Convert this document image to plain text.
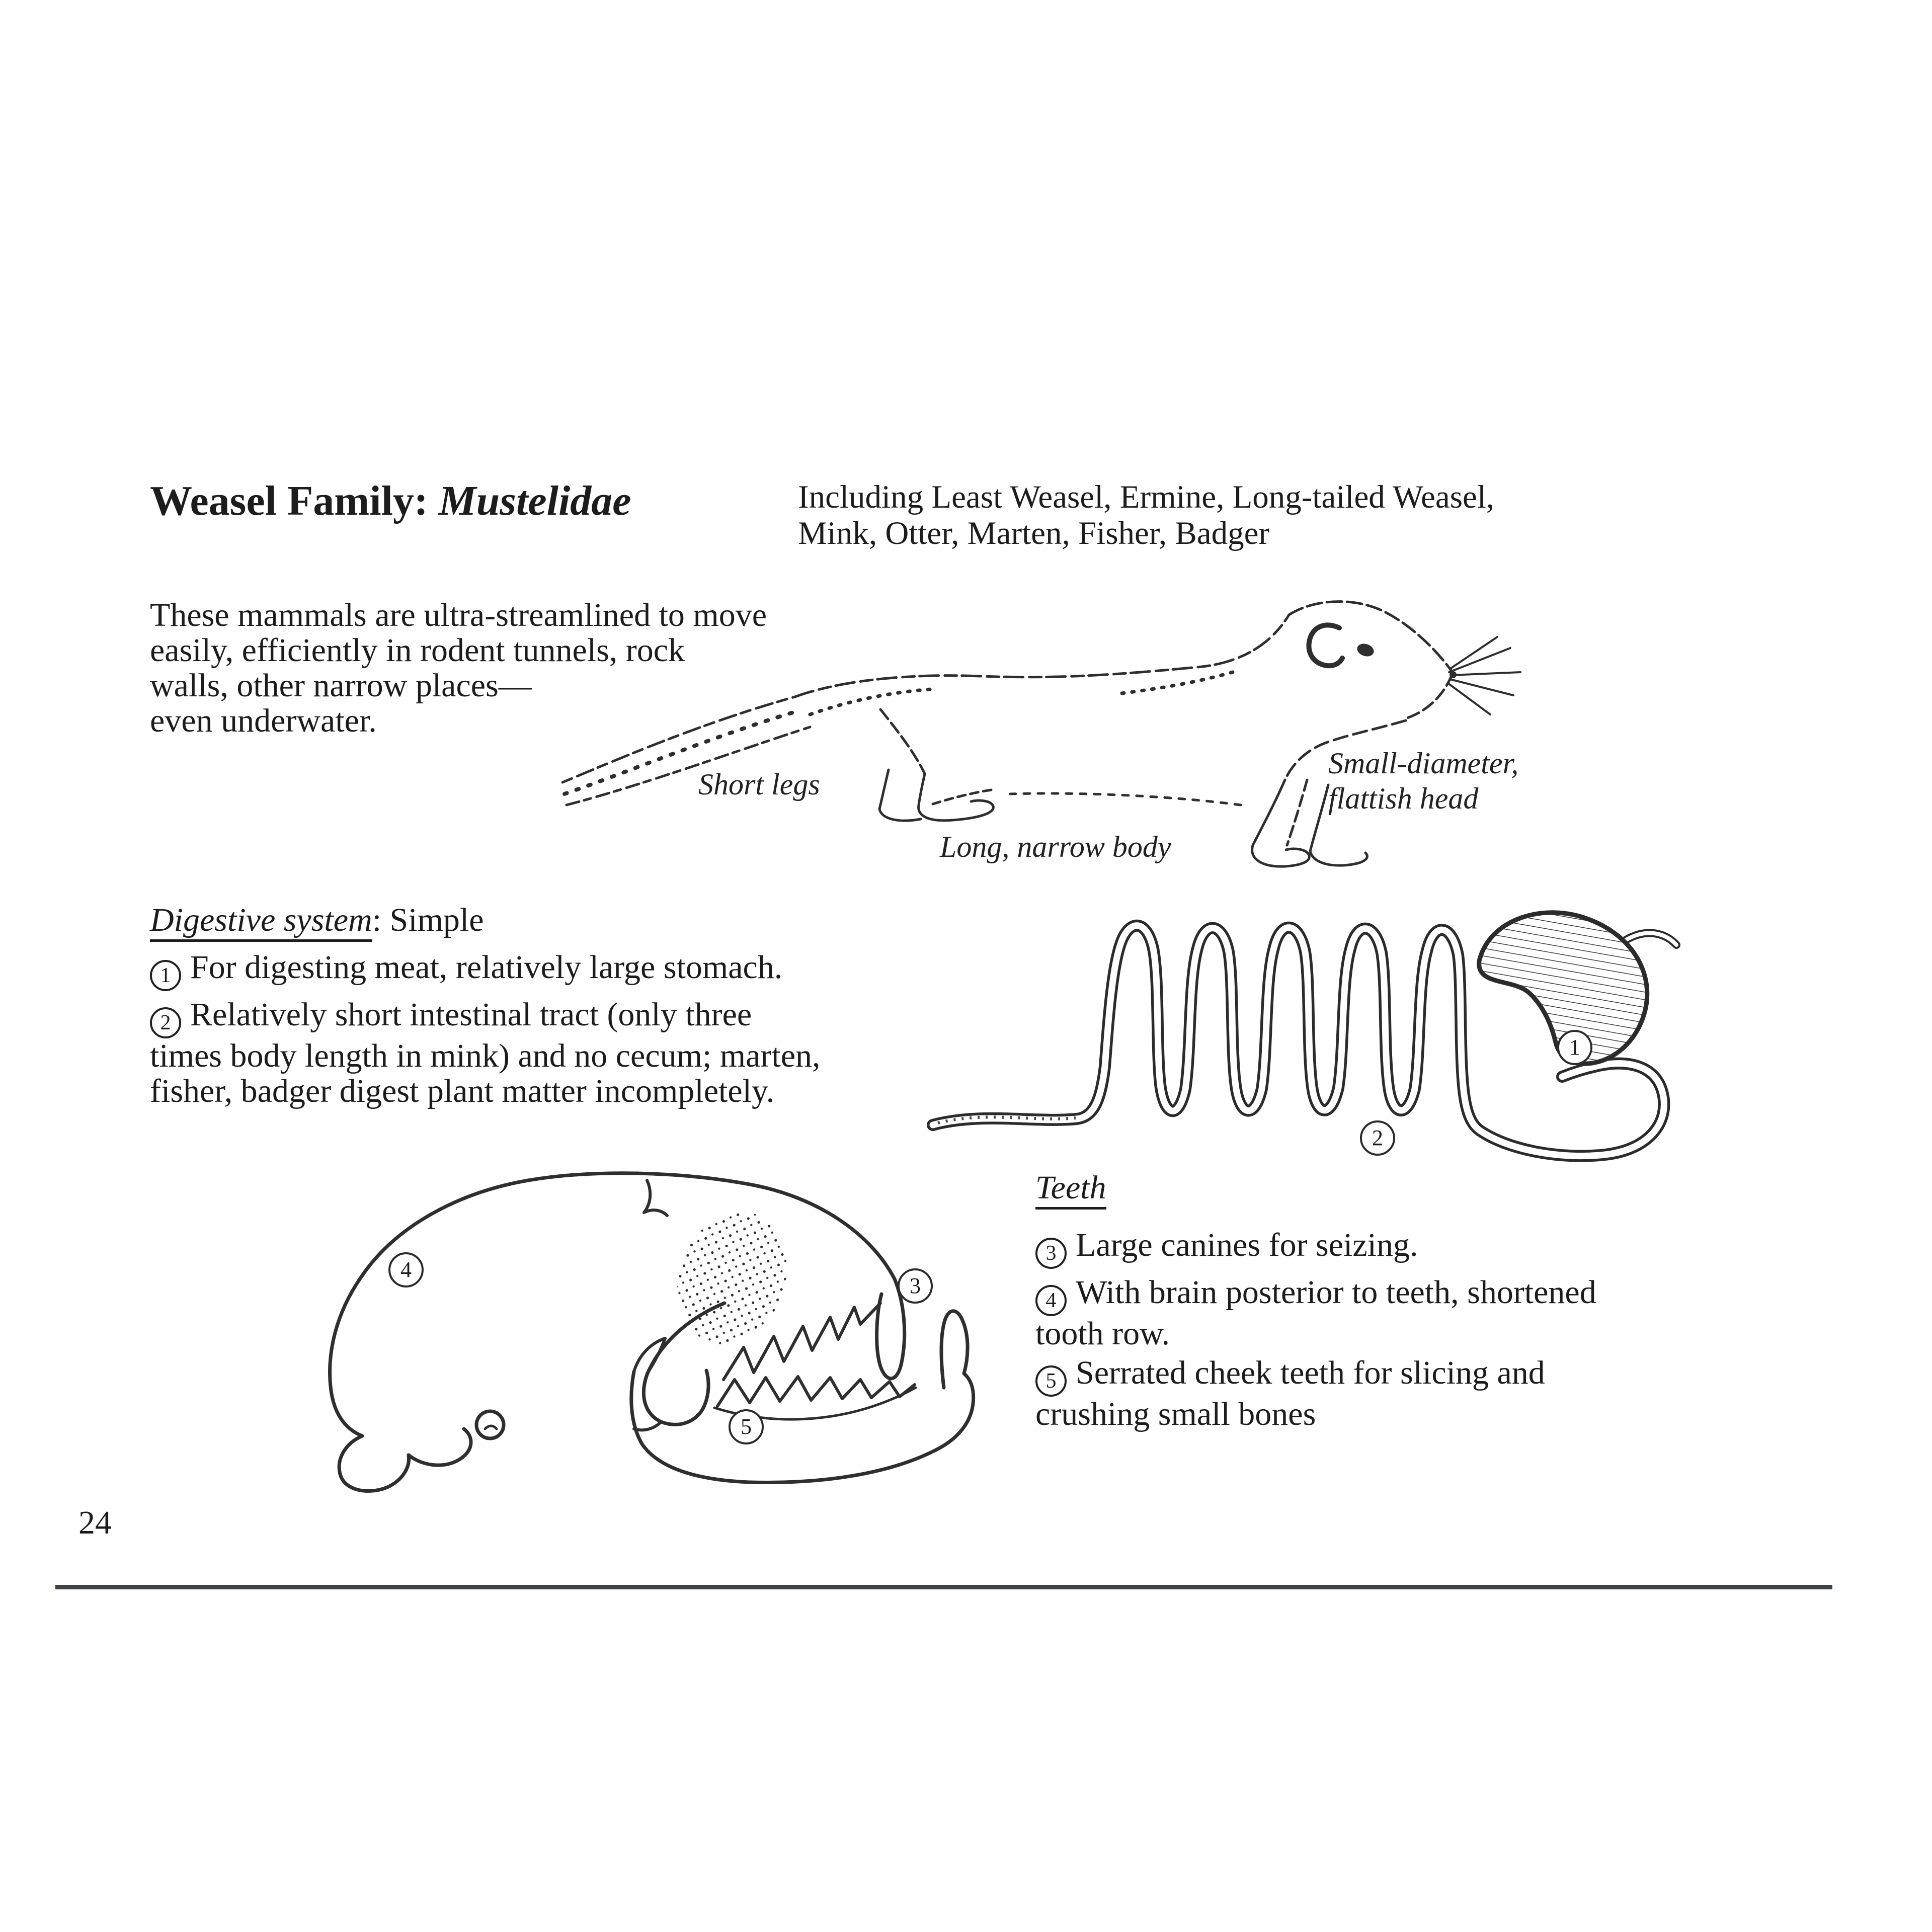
Weasel Family: Mustelidae	Including Least Weasel, Ermine, Long-tailed Weasel,
Mink, Otter, Marten, Fisher, Badger
These mammals are ultra-streamlined to move
easily, efficiently in rodent tunnels, rock
walls, other narrow places—
even underwater.
Short legs
Long, narrow body
Small-diameter,
flattish head
Digestive system: Simple
1 For digesting meat, relatively large stomach.
2 Relatively short intestinal tract (only three
times body length in mink) and no cecum; marten,
fisher, badger digest plant matter incompletely.
1
2
4
3
5
Teeth
3 Large canines for seizing.
4 With brain posterior to teeth, shortened
tooth row.
5 Serrated cheek teeth for slicing and
crushing small bones
24
